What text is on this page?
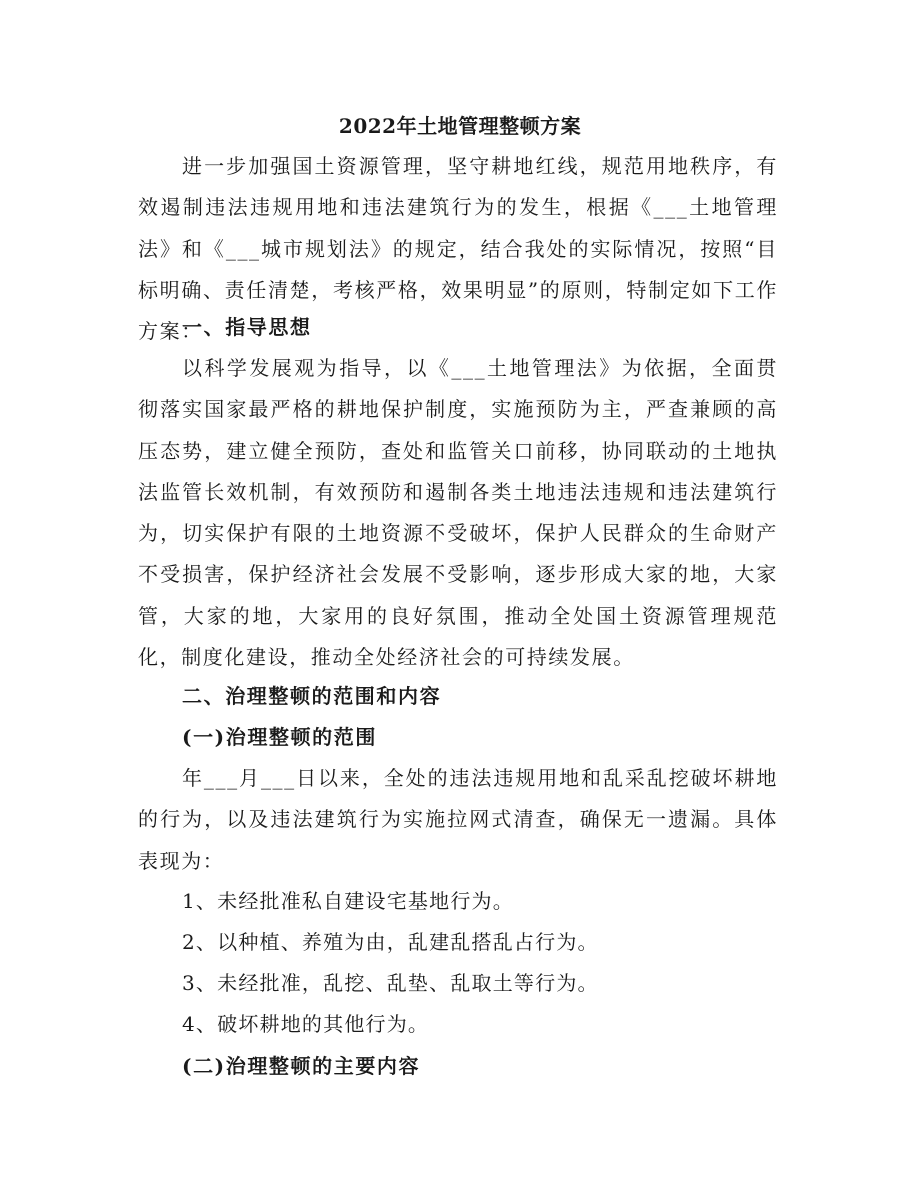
2022年土地管理整顿方案

进一步加强国土资源管理，坚守耕地红线，规范用地秩序，有效遏制违法违规用地和违法建筑行为的发生，根据《___土地管理法》和《___城市规划法》的规定，结合我处的实际情况，按照“目标明确、责任清楚，考核严格，效果明显”的原则，特制定如下工作方案：

一、指导思想

以科学发展观为指导，以《___土地管理法》为依据，全面贯彻落实国家最严格的耕地保护制度，实施预防为主，严查兼顾的高压态势，建立健全预防，查处和监管关口前移，协同联动的土地执法监管长效机制，有效预防和遏制各类土地违法违规和违法建筑行为，切实保护有限的土地资源不受破坏，保护人民群众的生命财产不受损害，保护经济社会发展不受影响，逐步形成大家的地，大家管，大家的地，大家用的良好氛围，推动全处国土资源管理规范化，制度化建设，推动全处经济社会的可持续发展。

二、治理整顿的范围和内容
(一)治理整顿的范围

年___月___日以来，全处的违法违规用地和乱采乱挖破坏耕地的行为，以及违法建筑行为实施拉网式清查，确保无一遗漏。具体表现为：

1、未经批准私自建设宅基地行为。
2、以种植、养殖为由，乱建乱搭乱占行为。
3、未经批准，乱挖、乱垫、乱取土等行为。
4、破坏耕地的其他行为。
(二)治理整顿的主要内容
